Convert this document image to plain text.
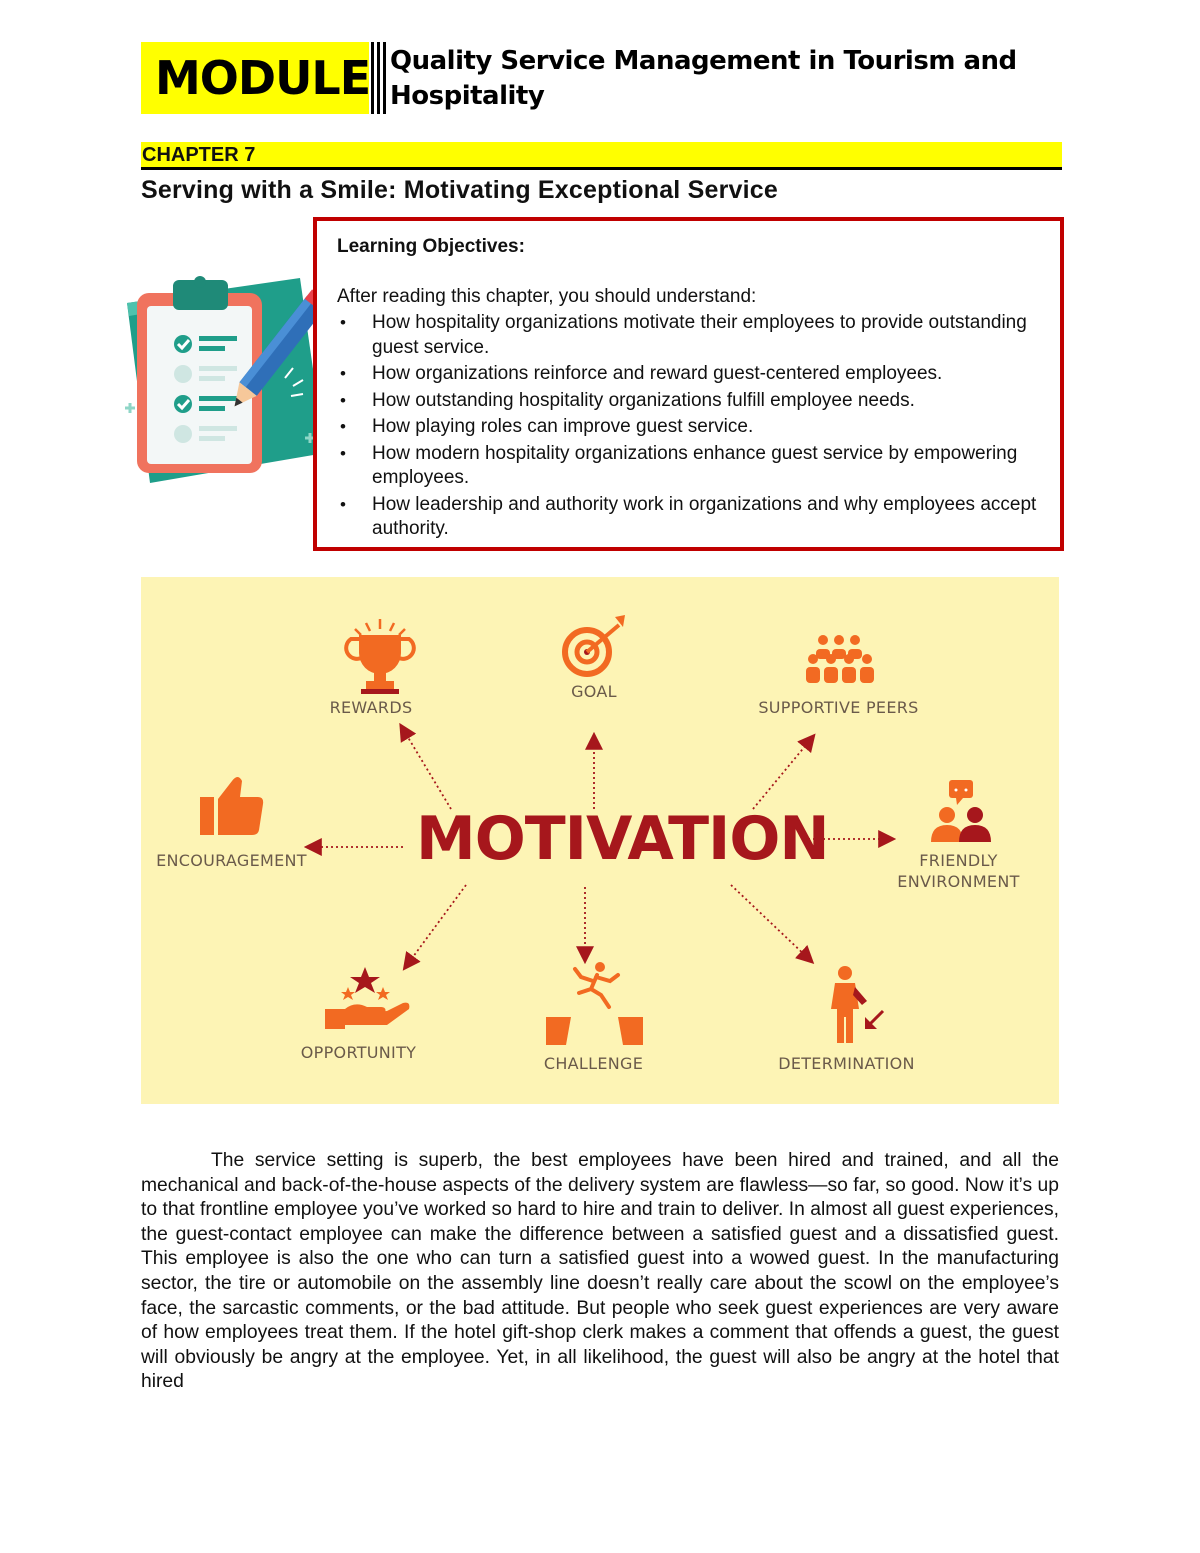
MODULE Quality Service Management in Tourism and Hospitality
CHAPTER 7
Serving with a Smile: Motivating Exceptional Service
Learning Objectives:
After reading this chapter, you should understand:
• How hospitality organizations motivate their employees to provide outstanding guest service.
• How organizations reinforce and reward guest-centered employees.
• How outstanding hospitality organizations fulfill employee needs.
• How playing roles can improve guest service.
• How modern hospitality organizations enhance guest service by empowering employees.
• How leadership and authority work in organizations and why employees accept authority.
REWARDS
GOAL
SUPPORTIVE PEERS
ENCOURAGEMENT	FRIENDLY
ENVIRONMENT
OPPORTUNITY
CHALLENGE	DETERMINATION
MOTIVATION

The service setting is superb, the best employees have been hired and trained, and all the mechanical and back-of-the-house aspects of the delivery system are flawless—so far, so good. Now it’s up to that frontline employee you’ve worked so hard to hire and train to deliver. In almost all guest experiences, the guest-contact employee can make the difference between a satisfied guest and a dissatisfied guest. This employee is also the one who can turn a satisfied guest into a wowed guest. In the manufacturing sector, the tire or automobile on the assembly line doesn’t really care about the scowl on the employee’s face, the sarcastic comments, or the bad attitude. But people who seek guest experiences are very aware of how employees treat them. If the hotel gift-shop clerk makes a comment that offends a guest, the guest will obviously be angry at the employee. Yet, in all likelihood, the guest will also be angry at the hotel that hired
